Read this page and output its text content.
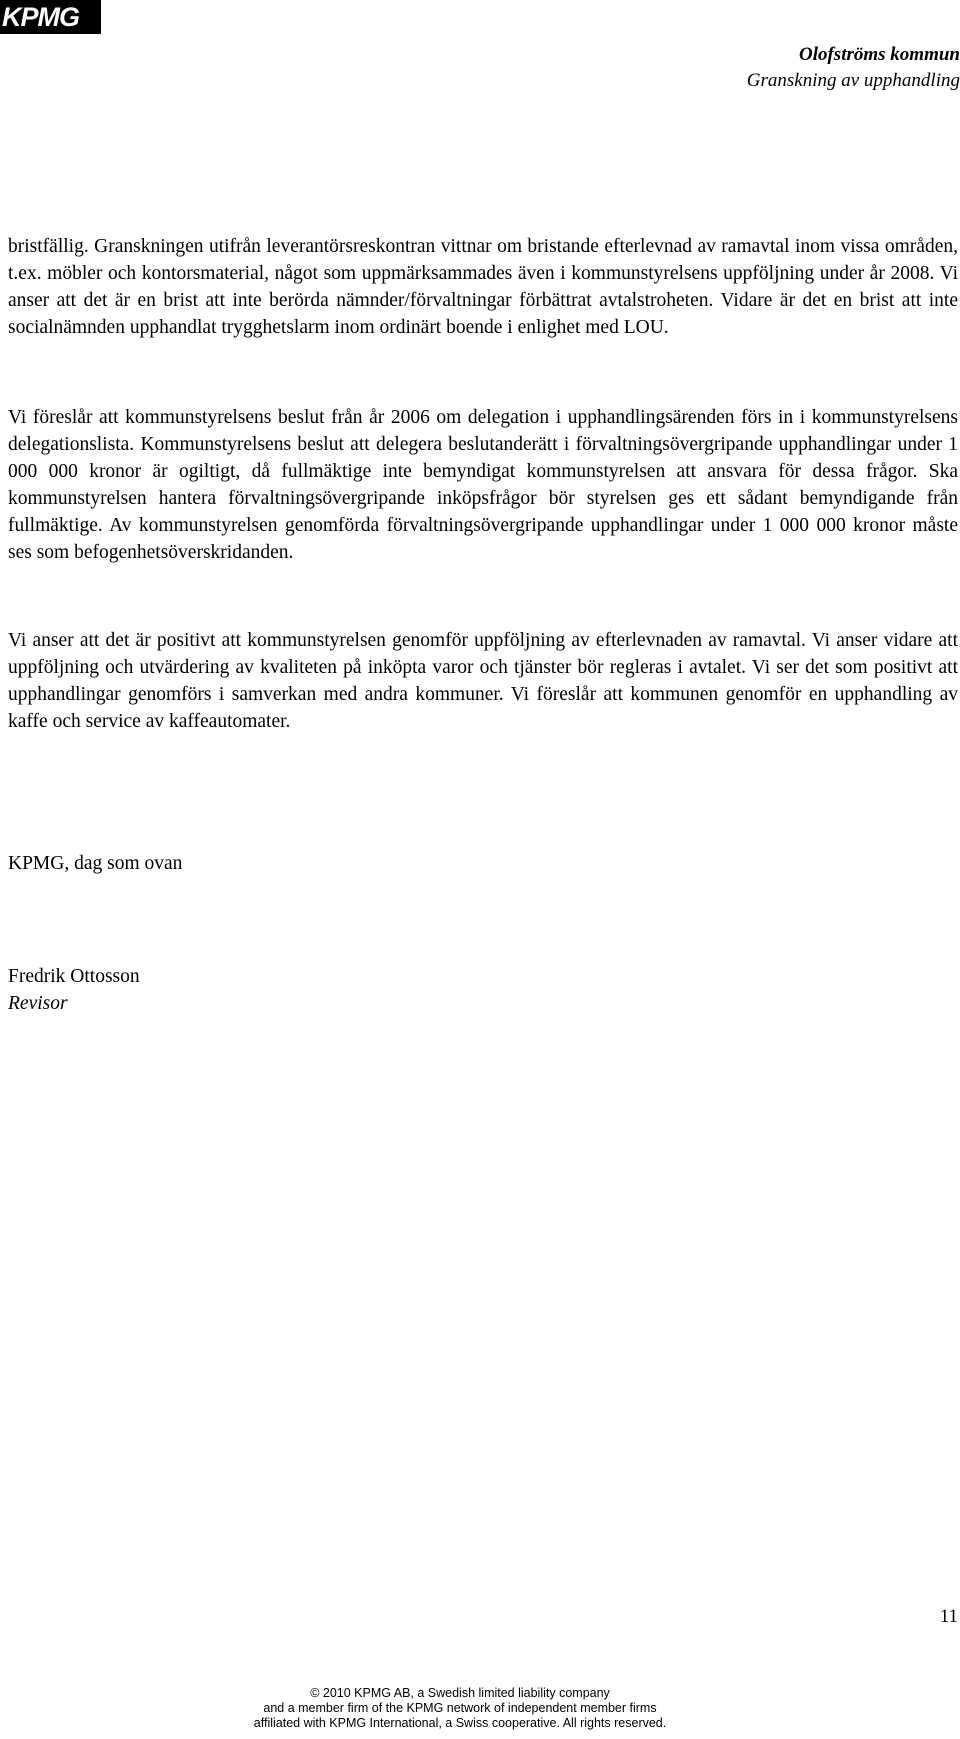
KPMG
Olofströms kommun
Granskning av upphandling

bristfällig. Granskningen utifrån leverantörsreskontran vittnar om bristande efterlevnad av ramavtal inom vissa områden, t.ex. möbler och kontorsmaterial, något som uppmärksammades även i kommunstyrelsens uppföljning under år 2008. Vi anser att det är en brist att inte berörda nämnder/förvaltningar förbättrat avtalstroheten. Vidare är det en brist att inte socialnämnden upphandlat trygghetslarm inom ordinärt boende i enlighet med LOU.

Vi föreslår att kommunstyrelsens beslut från år 2006 om delegation i upphandlingsärenden förs in i kommunstyrelsens delegationslista. Kommunstyrelsens beslut att delegera beslutanderätt i förvaltningsövergripande upphandlingar under 1 000 000 kronor är ogiltigt, då fullmäktige inte bemyndigat kommunstyrelsen att ansvara för dessa frågor. Ska kommunstyrelsen hantera förvaltningsövergripande inköpsfrågor bör styrelsen ges ett sådant bemyndigande från fullmäktige. Av kommunstyrelsen genomförda förvaltningsövergripande upphandlingar under 1 000 000 kronor måste ses som befogenhetsöverskridanden.

Vi anser att det är positivt att kommunstyrelsen genomför uppföljning av efterlevnaden av ramavtal. Vi anser vidare att uppföljning och utvärdering av kvaliteten på inköpta varor och tjänster bör regleras i avtalet. Vi ser det som positivt att upphandlingar genomförs i samverkan med andra kommuner. Vi föreslår att kommunen genomför en upphandling av kaffe och service av kaffeautomater.

KPMG, dag som ovan

Fredrik Ottosson

Revisor

11
© 2010 KPMG AB, a Swedish limited liability company
and a member firm of the KPMG network of independent member firms
affiliated with KPMG International, a Swiss cooperative. All rights reserved.
